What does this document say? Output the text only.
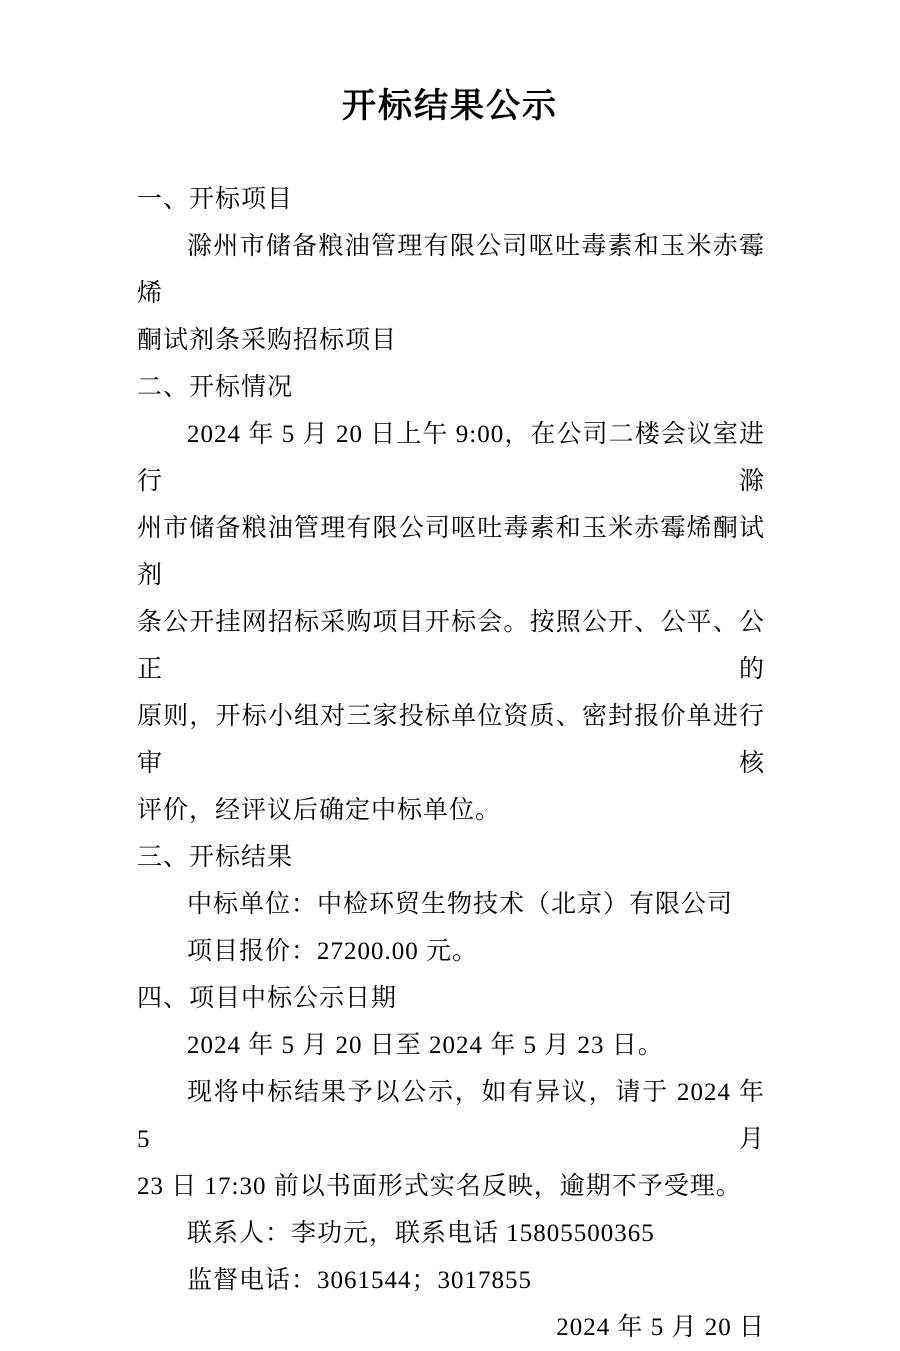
开标结果公示
一、开标项目
滁州市储备粮油管理有限公司呕吐毒素和玉米赤霉烯
酮试剂条采购招标项目
二、开标情况
2024 年 5 月 20 日上午 9:00，在公司二楼会议室进行滁
州市储备粮油管理有限公司呕吐毒素和玉米赤霉烯酮试剂
条公开挂网招标采购项目开标会。按照公开、公平、公正的
原则，开标小组对三家投标单位资质、密封报价单进行审核
评价，经评议后确定中标单位。
三、开标结果
中标单位：中检环贸生物技术（北京）有限公司
项目报价：27200.00 元。
四、项目中标公示日期
2024 年 5 月 20 日至 2024 年 5 月 23 日。
现将中标结果予以公示，如有异议，请于 2024 年 5 月
23 日 17:30 前以书面形式实名反映，逾期不予受理。
联系人：李功元，联系电话 15805500365
监督电话：3061544；3017855
2024 年 5 月 20 日
